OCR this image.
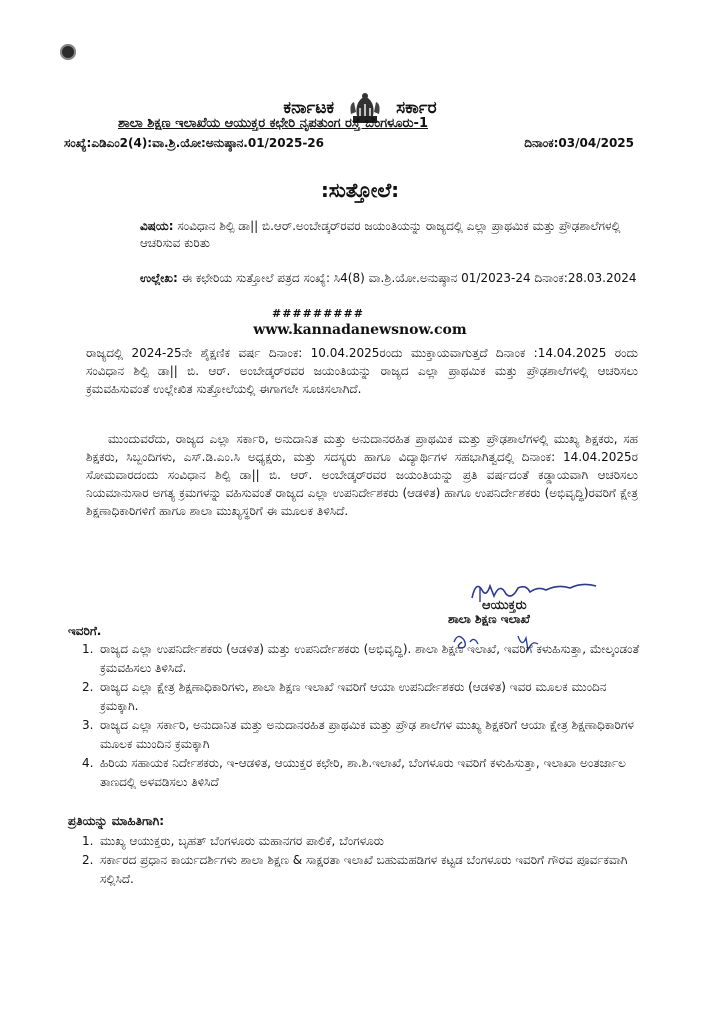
ಕರ್ನಾಟಕ	ಸರ್ಕಾರ
ಶಾಲಾ ಶಿಕ್ಷಣ ಇಲಾಖೆಯ ಆಯುಕ್ತರ ಕಛೇರಿ ನೃಪತುಂಗ ರಸ್ತೆ ಬೆಂಗಳೂರು-1
ಸಂಖ್ಯೆ:ಎಡಿಎಂ2(4):ವಾ.ಶ್ರಿ.ಯೋ:ಅನುಷ್ಠಾನ.01/2025-26	ದಿನಾಂಕ:03/04/2025
:ಸುತ್ತೋಲೆ:
ವಿಷಯ: ಸಂವಿಧಾನ ಶಿಲ್ಪಿ ಡಾ|| ಬಿ.ಆರ್.ಅಂಬೇಡ್ಕರ್‌ರವರ ಜಯಂತಿಯನ್ನು ರಾಜ್ಯದಲ್ಲಿ ಎಲ್ಲಾ ಪ್ರಾಥಮಿಕ ಮತ್ತು ಪ್ರೌಢಶಾಲೆಗಳಲ್ಲಿ ಆಚರಿಸುವ ಕುರಿತು
ಉಲ್ಲೇಖ: ಈ ಕಛೇರಿಯ ಸುತ್ತೋಲೆ ಪತ್ರದ ಸಂಖ್ಯೆ: ಸಿ4(8) ವಾ.ಶ್ರಿ.ಯೋ.ಅನುಷ್ಠಾನ 01/2023-24 ದಿನಾಂಕ:28.03.2024
#########
www.kannadanewsnow.com
ರಾಜ್ಯದಲ್ಲಿ 2024-25ನೇ ಶೈಕ್ಷಣಿಕ ವರ್ಷ ದಿನಾಂಕ: 10.04.2025ರಂದು ಮುಕ್ತಾಯವಾಗುತ್ತದೆ ದಿನಾಂಕ :14.04.2025 ರಂದು ಸಂವಿಧಾನ ಶಿಲ್ಪಿ ಡಾ|| ಬಿ. ಆರ್. ಅಂಬೇಡ್ಕರ್‌ರವರ ಜಯಂತಿಯನ್ನು ರಾಜ್ಯದ ಎಲ್ಲಾ ಪ್ರಾಥಮಿಕ ಮತ್ತು ಪ್ರೌಢಶಾಲೆಗಳಲ್ಲಿ ಆಚರಿಸಲು ಕ್ರಮವಹಿಸುವಂತೆ ಉಲ್ಲೇಖಿತ ಸುತ್ತೋಲೆಯಲ್ಲಿ ಈಗಾಗಲೇ ಸೂಚಿಸಲಾಗಿದೆ.
ಮುಂದುವರೆದು, ರಾಜ್ಯದ ಎಲ್ಲಾ ಸರ್ಕಾರಿ, ಅನುದಾನಿತ ಮತ್ತು ಅನುದಾನರಹಿತ ಪ್ರಾಥಮಿಕ ಮತ್ತು ಪ್ರೌಢಶಾಲೆಗಳಲ್ಲಿ ಮುಖ್ಯ ಶಿಕ್ಷಕರು, ಸಹ ಶಿಕ್ಷಕರು, ಸಿಬ್ಬಂದಿಗಳು, ಎಸ್.ಡಿ.ಎಂ.ಸಿ ಅಧ್ಯಕ್ಷರು, ಮತ್ತು ಸದಸ್ಯರು ಹಾಗೂ ವಿದ್ಯಾರ್ಥಿಗಳ ಸಹಭಾಗಿತ್ವದಲ್ಲಿ ದಿನಾಂಕ: 14.04.2025ರ ಸೋಮವಾರದಂದು ಸಂವಿಧಾನ ಶಿಲ್ಪಿ ಡಾ|| ಬಿ. ಆರ್. ಅಂಬೇಡ್ಕರ್‌ರವರ ಜಯಂತಿಯನ್ನು ಪ್ರತಿ ವರ್ಷದಂತೆ ಕಡ್ಡಾಯವಾಗಿ ಆಚರಿಸಲು ನಿಯಮಾನುಸಾರ ಅಗತ್ಯ ಕ್ರಮಗಳನ್ನು ವಹಿಸುವಂತೆ ರಾಜ್ಯದ ಎಲ್ಲಾ ಉಪನಿರ್ದೇಶಕರು (ಆಡಳಿತ) ಹಾಗೂ ಉಪನಿರ್ದೇಶಕರು (ಅಭಿವೃದ್ಧಿ)ರವರಿಗೆ ಕ್ಷೇತ್ರ ಶಿಕ್ಷಣಾಧಿಕಾರಿಗಳಿಗೆ ಹಾಗೂ ಶಾಲಾ ಮುಖ್ಯಸ್ಥರಿಗೆ ಈ ಮೂಲಕ ತಿಳಿಸಿದೆ.
ಆಯುಕ್ತರು
ಶಾಲಾ ಶಿಕ್ಷಣ ಇಲಾಖೆ
ಇವರಿಗೆ.
1. ರಾಜ್ಯದ ಎಲ್ಲಾ ಉಪನಿರ್ದೇಶಕರು (ಆಡಳಿತ) ಮತ್ತು ಉಪನಿರ್ದೇಶಕರು (ಅಭಿವೃದ್ಧಿ). ಶಾಲಾ ಶಿಕ್ಷಣ ಇಲಾಖೆ, ಇವರಿಗೆ ಕಳುಹಿಸುತ್ತಾ, ಮೇಲ್ಕಂಡಂತೆ ಕ್ರಮವಹಿಸಲು ತಿಳಿಸಿದೆ.
2. ರಾಜ್ಯದ ಎಲ್ಲಾ ಕ್ಷೇತ್ರ ಶಿಕ್ಷಣಾಧಿಕಾರಿಗಳು, ಶಾಲಾ ಶಿಕ್ಷಣ ಇಲಾಖೆ ಇವರಿಗೆ ಆಯಾ ಉಪನಿರ್ದೇಶಕರು (ಆಡಳಿತ) ಇವರ ಮೂಲಕ ಮುಂದಿನ ಕ್ರಮಕ್ಕಾಗಿ.
3. ರಾಜ್ಯದ ಎಲ್ಲಾ ಸರ್ಕಾರಿ, ಅನುದಾನಿತ ಮತ್ತು ಅನುದಾನರಹಿತ ಪ್ರಾಥಮಿಕ ಮತ್ತು ಪ್ರೌಢ ಶಾಲೆಗಳ ಮುಖ್ಯ ಶಿಕ್ಷಕರಿಗೆ ಆಯಾ ಕ್ಷೇತ್ರ ಶಿಕ್ಷಣಾಧಿಕಾರಿಗಳ ಮೂಲಕ ಮುಂದಿನ ಕ್ರಮಕ್ಕಾಗಿ
4. ಹಿರಿಯ ಸಹಾಯಕ ನಿರ್ದೇಶಕರು, ಇ-ಆಡಳಿತ, ಆಯುಕ್ತರ ಕಛೇರಿ, ಶಾ.ಶಿ.ಇಲಾಖೆ, ಬೆಂಗಳೂರು ಇವರಿಗೆ ಕಳುಹಿಸುತ್ತಾ, ಇಲಾಖಾ ಅಂತರ್ಜಾಲ ತಾಣದಲ್ಲಿ ಅಳವಡಿಸಲು ತಿಳಿಸಿದೆ
ಪ್ರತಿಯನ್ನು ಮಾಹಿತಿಗಾಗಿ:
1. ಮುಖ್ಯ ಆಯುಕ್ತರು, ಬೃಹತ್ ಬೆಂಗಳೂರು ಮಹಾನಗರ ಪಾಲಿಕೆ, ಬೆಂಗಳೂರು
2. ಸರ್ಕಾರದ ಪ್ರಧಾನ ಕಾರ್ಯದರ್ಶಿಗಳು ಶಾಲಾ ಶಿಕ್ಷಣ & ಸಾಕ್ಷರತಾ ಇಲಾಖೆ ಬಹುಮಹಡಿಗಳ ಕಟ್ಟಡ ಬೆಂಗಳೂರು ಇವರಿಗೆ ಗೌರವ ಪೂರ್ವಕವಾಗಿ ಸಲ್ಲಿಸಿದೆ.
